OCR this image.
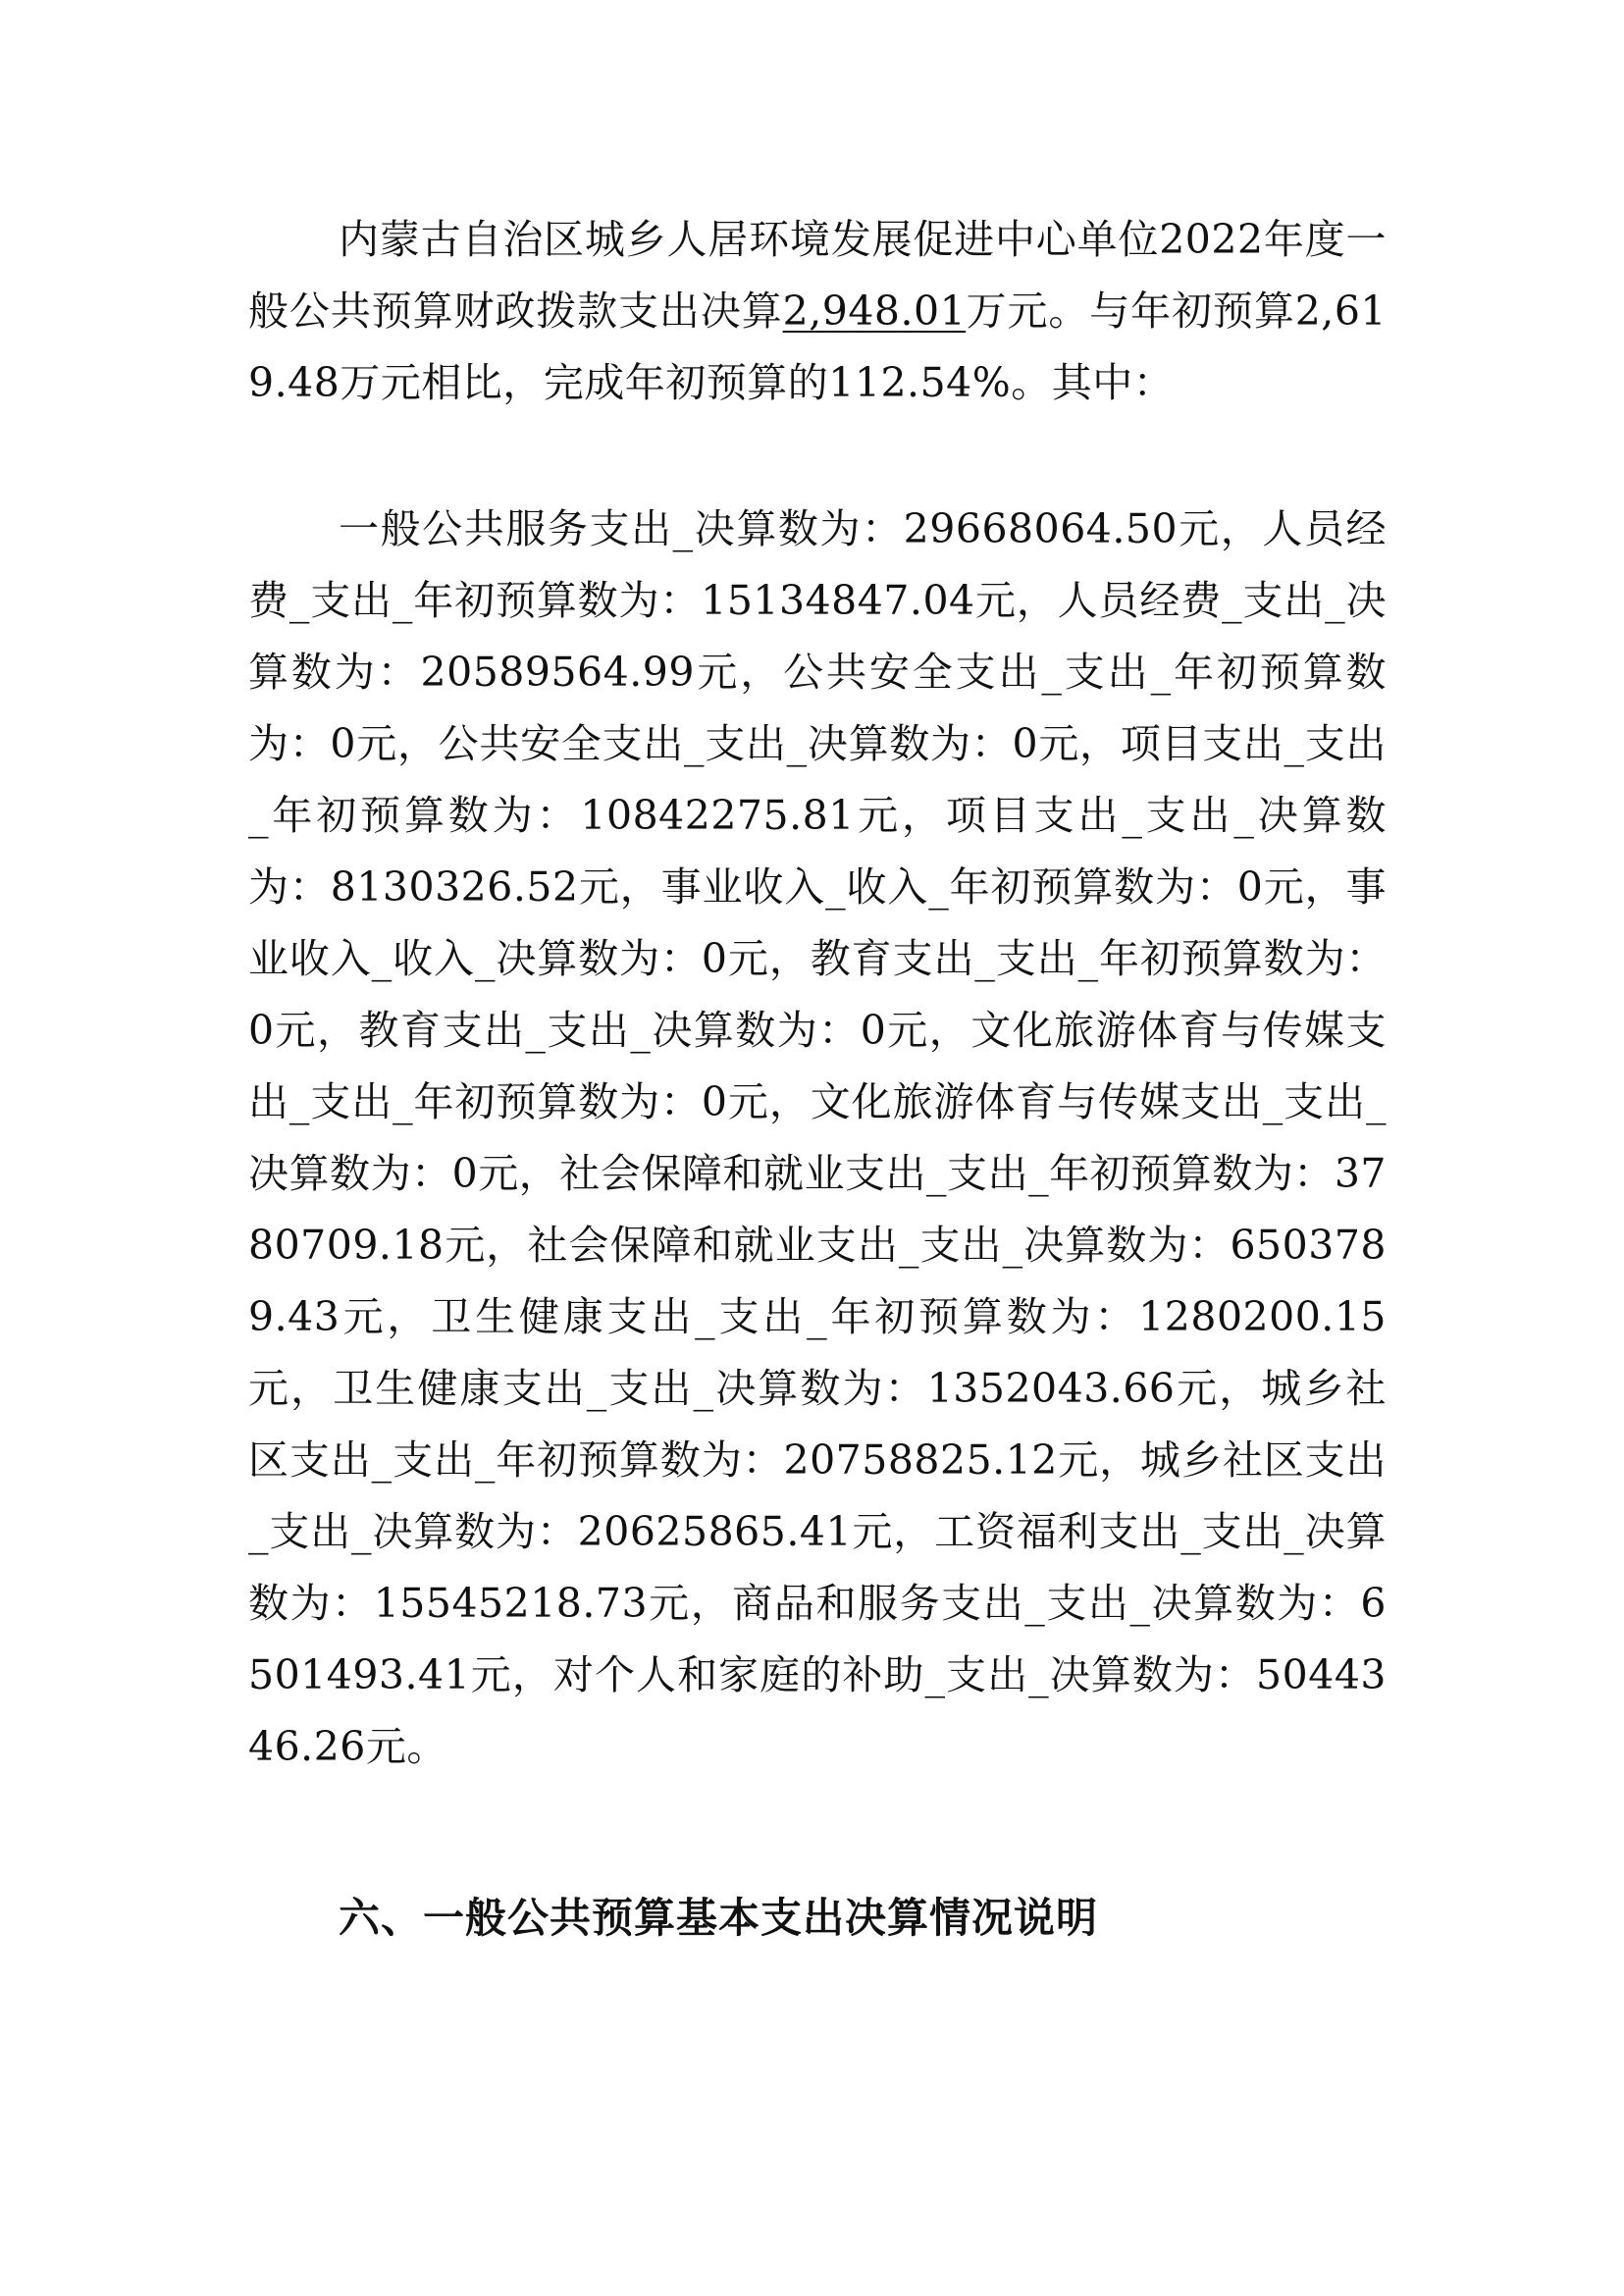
内蒙古自治区城乡人居环境发展促进中心单位2022年度一般公共预算财政拨款支出决算2,948.01万元。与年初预算2,619.48万元相比，完成年初预算的112.54%。其中：

一般公共服务支出_决算数为：29668064.50元，人员经费_支出_年初预算数为：15134847.04元，人员经费_支出_决算数为：20589564.99元，公共安全支出_支出_年初预算数为：0元，公共安全支出_支出_决算数为：0元，项目支出_支出_年初预算数为：10842275.81元，项目支出_支出_决算数为：8130326.52元，事业收入_收入_年初预算数为：0元，事业收入_收入_决算数为：0元，教育支出_支出_年初预算数为：0元，教育支出_支出_决算数为：0元，文化旅游体育与传媒支出_支出_年初预算数为：0元，文化旅游体育与传媒支出_支出_决算数为：0元，社会保障和就业支出_支出_年初预算数为：3780709.18元，社会保障和就业支出_支出_决算数为：6503789.43元，卫生健康支出_支出_年初预算数为：1280200.15元，卫生健康支出_支出_决算数为：1352043.66元，城乡社区支出_支出_年初预算数为：20758825.12元，城乡社区支出_支出_决算数为：20625865.41元，工资福利支出_支出_决算数为：15545218.73元，商品和服务支出_支出_决算数为：6501493.41元，对个人和家庭的补助_支出_决算数为：5044346.26元。

六、一般公共预算基本支出决算情况说明
